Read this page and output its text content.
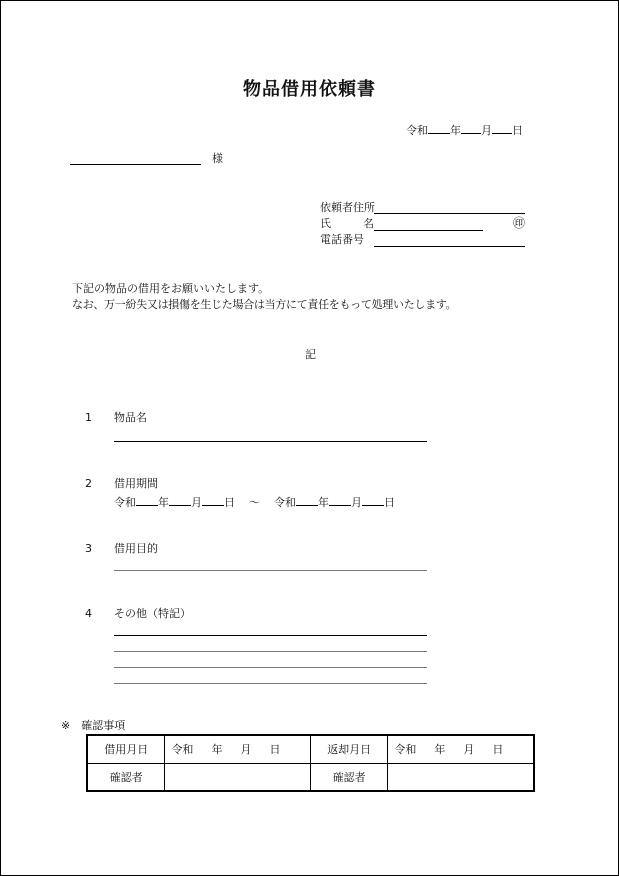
物品借用依頼書
令和 年 月 日
様
依頼者住所
氏	名	㊞
電話番号
下記の物品の借用をお願いいたします。
なお、万一紛失又は損傷を生じた場合は当方にて責任をもって処理いたします。
記
1 物品名
2 借用期間
令和 年 月 日 〜 令和 年 月 日
3 借用目的
4 その他（特記）
※　確認事項
借用月日	令和 年 月 日	返却月日	令和 年 月 日
確認者		確認者	
